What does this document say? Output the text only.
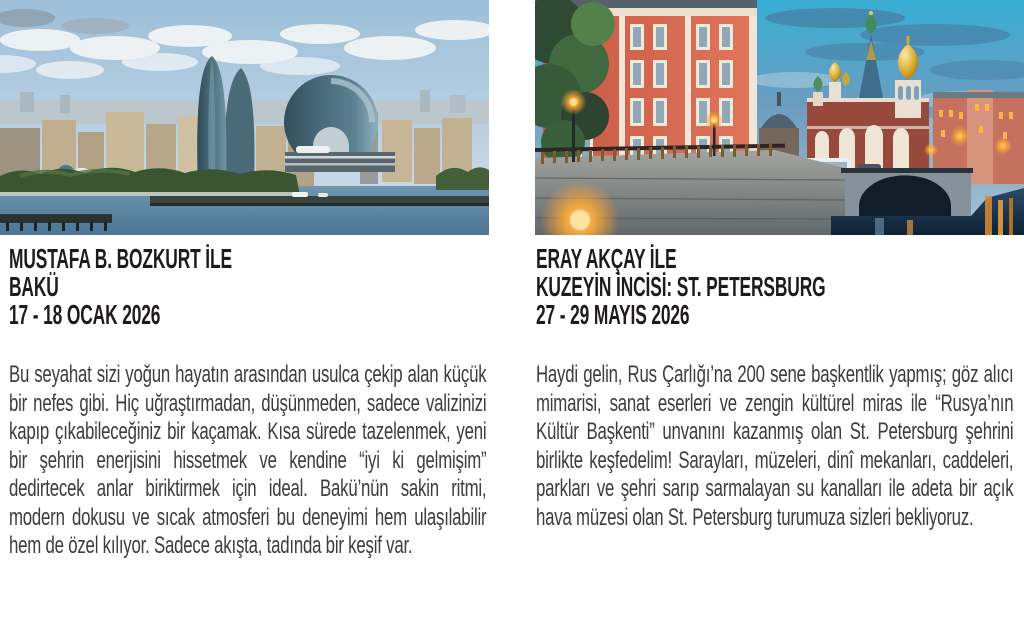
MUSTAFA B. BOZKURT İLE
BAKÜ
17 - 18 OCAK 2026

Bu seyahat sizi yoğun hayatın arasından usulca çekip alan küçük bir nefes gibi. Hiç uğraştırmadan, düşünmeden, sadece valizinizi kapıp çıkabileceğiniz bir kaçamak. Kısa sürede tazelenmek, yeni bir şehrin enerjisini hissetmek ve kendine “iyi ki gelmişim” dedirtecek anlar biriktirmek için ideal. Bakü’nün sakin ritmi, modern dokusu ve sıcak atmosferi bu deneyimi hem ulaşılabilir hem de özel kılıyor. Sadece akışta, tadında bir keşif var.

ERAY AKÇAY İLE
KUZEYİN İNCİSİ: ST. PETERSBURG
27 - 29 MAYIS 2026

Haydi gelin, Rus Çarlığı’na 200 sene başkentlik yapmış; göz alıcı mimarisi, sanat eserleri ve zengin kültürel miras ile “Rusya’nın Kültür Başkenti” unvanını kazanmış olan St. Petersburg şehrini birlikte keşfedelim! Sarayları, müzeleri, dinî mekanları, caddeleri, parkları ve şehri sarıp sarmalayan su kanalları ile adeta bir açık hava müzesi olan St. Petersburg turumuza sizleri bekliyoruz.
